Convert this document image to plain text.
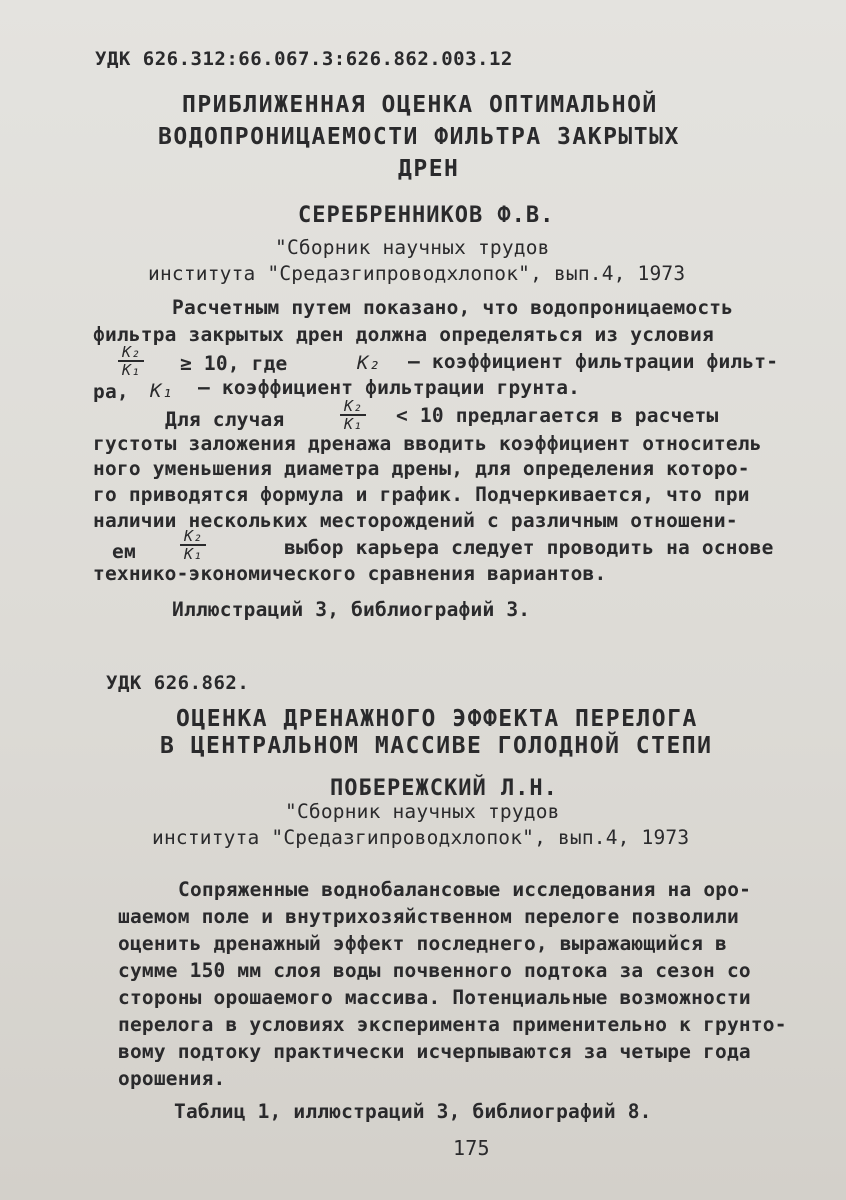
УДК 626.312:66.067.3:626.862.003.12
ПРИБЛИЖЕННАЯ ОЦЕНКА ОПТИМАЛЬНОЙ
ВОДОПРОНИЦАЕМОСТИ ФИЛЬТРА ЗАКРЫТЫХ
ДРЕН
СЕРЕБРЕННИКОВ Ф.В.
"Сборник научных трудов
института "Средазгипроводхлопок", вып.4, 1973
Расчетным путем показано, что водопроницаемость
фильтра закрытых дрен должна определяться из условия
$\frac{\text{K₂}}{\text{K₁}} \ge 10$, где	K₂ – коэффициент фильтрации фильт-
ра, K₁ – коэффициент фильтрации грунта.
Для случая	$\frac{\text{K₂}}{\text{K₁}} < 10$ предлагается в расчеты
густоты заложения дренажа вводить коэффициент относитель
ного уменьшения диаметра дрены, для определения которо-
го приводятся формула и график. Подчеркивается, что при
наличии нескольких месторождений с различным отношени-
ем	$\frac{\text{K₂}}{\text{K₁}}$	выбор карьера следует проводить на основе
технико-экономического сравнения вариантов.
Иллюстраций 3, библиографий 3.
УДК 626.862.
ОЦЕНКА ДРЕНАЖНОГО ЭФФЕКТА ПЕРЕЛОГА
В ЦЕНТРАЛЬНОМ МАССИВЕ ГОЛОДНОЙ СТЕПИ
ПОБЕРЕЖСКИЙ Л.Н.
"Сборник научных трудов
института "Средазгипроводхлопок", вып.4, 1973
Сопряженные воднобалансовые исследования на оро-
шаемом поле и внутрихозяйственном перелоге позволили
оценить дренажный эффект последнего, выражающийся в
сумме 150 мм слоя воды почвенного подтока за сезон со
стороны орошаемого массива. Потенциальные возможности
перелога в условиях эксперимента применительно к грунто-
вому подтоку практически исчерпываются за четыре года
орошения.
Таблиц 1, иллюстраций 3, библиографий 8.
175
